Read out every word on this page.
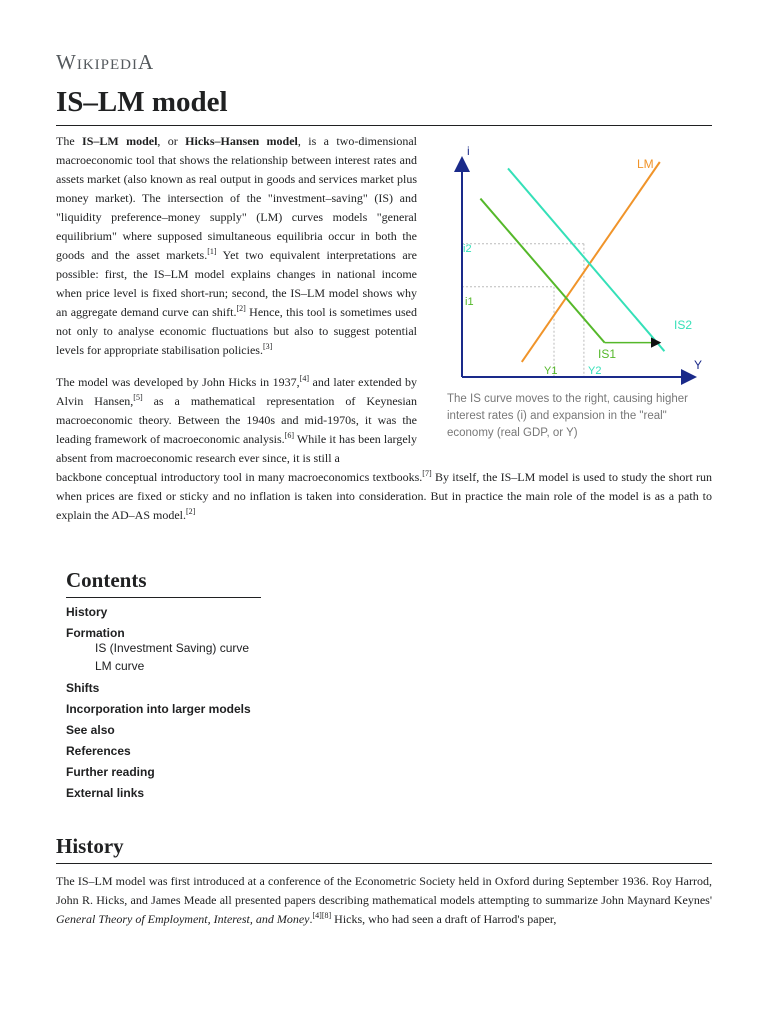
WikipediA
IS–LM model

The IS–LM model, or Hicks–Hansen model, is a two-dimensional macroeconomic tool that shows the relationship between interest rates and assets market (also known as real output in goods and services market plus money market). The intersection of the "investment–saving" (IS) and "liquidity preference–money supply" (LM) curves models "general equilibrium" where supposed simultaneous equilibria occur in both the goods and the asset markets.[1] Yet two equivalent interpretations are possible: first, the IS–LM model explains changes in national income when price level is fixed short-run; second, the IS–LM model shows why an aggregate demand curve can shift.[2] Hence, this tool is sometimes used not only to analyse economic fluctuations but also to suggest potential levels for appropriate stabilisation policies.[3]

The model was developed by John Hicks in 1937,[4] and later extended by Alvin Hansen,[5] as a mathematical representation of Keynesian macroeconomic theory. Between the 1940s and mid-1970s, it was the leading framework of macroeconomic analysis.[6] While it has been largely absent from macroeconomic research ever since, it is still a

backbone conceptual introductory tool in many macroeconomics textbooks.[7] By itself, the IS–LM model is used to study the short run when prices are fixed or sticky and no inflation is taken into consideration. But in practice the main role of the model is as a path to explain the AD–AS model.[2]

i
Y
LM
IS1
IS2
i2
i1
Y1	Y2
The IS curve moves to the right, causing higher interest rates (i) and expansion in the "real" economy (real GDP, or Y)
Contents
History
Formation
IS (Investment Saving) curve
LM curve
Shifts
Incorporation into larger models
See also
References
Further reading
External links
History

The IS–LM model was first introduced at a conference of the Econometric Society held in Oxford during September 1936. Roy Harrod, John R. Hicks, and James Meade all presented papers describing mathematical models attempting to summarize John Maynard Keynes' General Theory of Employment, Interest, and Money.[4][8] Hicks, who had seen a draft of Harrod's paper,
